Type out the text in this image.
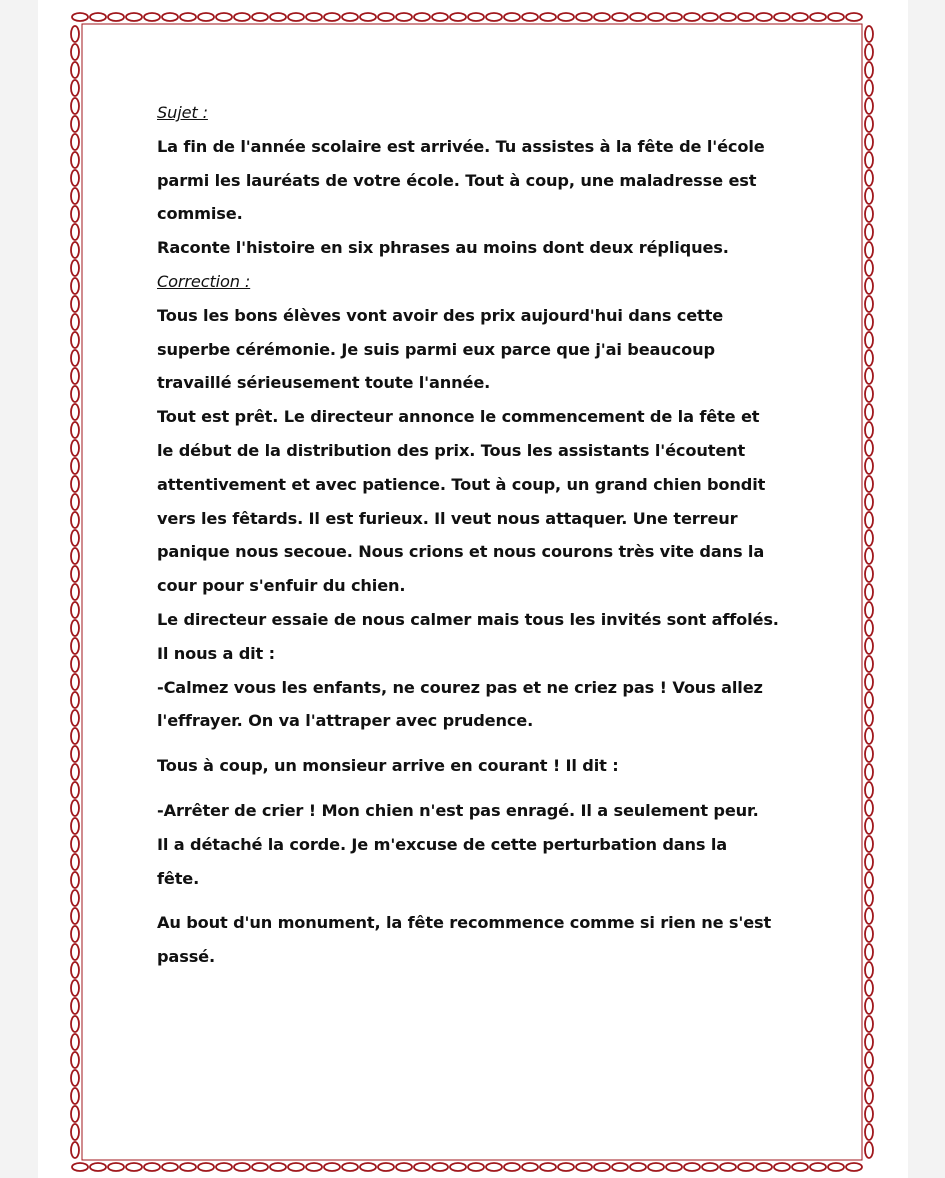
Sujet :
La fin de l'année scolaire est arrivée. Tu assistes à la fête de l'école
parmi les lauréats de votre école. Tout à coup, une maladresse est
commise.
Raconte l'histoire en six phrases au moins dont deux répliques.
Correction :
Tous les bons élèves vont avoir des prix aujourd'hui dans cette
superbe cérémonie. Je suis parmi eux parce que j'ai beaucoup
travaillé sérieusement toute l'année.
Tout est prêt. Le directeur annonce le commencement de la fête et
le début de la distribution des prix. Tous les assistants l'écoutent
attentivement et avec patience. Tout à coup, un grand chien bondit
vers les fêtards. Il est furieux. Il veut nous attaquer. Une terreur
panique nous secoue. Nous crions et nous courons très vite dans la
cour pour s'enfuir du chien.
Le directeur essaie de nous calmer mais tous les invités sont affolés.
Il nous a dit :
-Calmez vous les enfants, ne courez pas et ne criez pas ! Vous allez
l'effrayer. On va l'attraper avec prudence.
Tous à coup, un monsieur arrive en courant ! Il dit :
-Arrêter de crier ! Mon chien n'est pas enragé. Il a seulement peur.
Il a détaché la corde. Je m'excuse de cette perturbation dans la
fête.
Au bout d'un monument, la fête recommence comme si rien ne s'est
passé.
